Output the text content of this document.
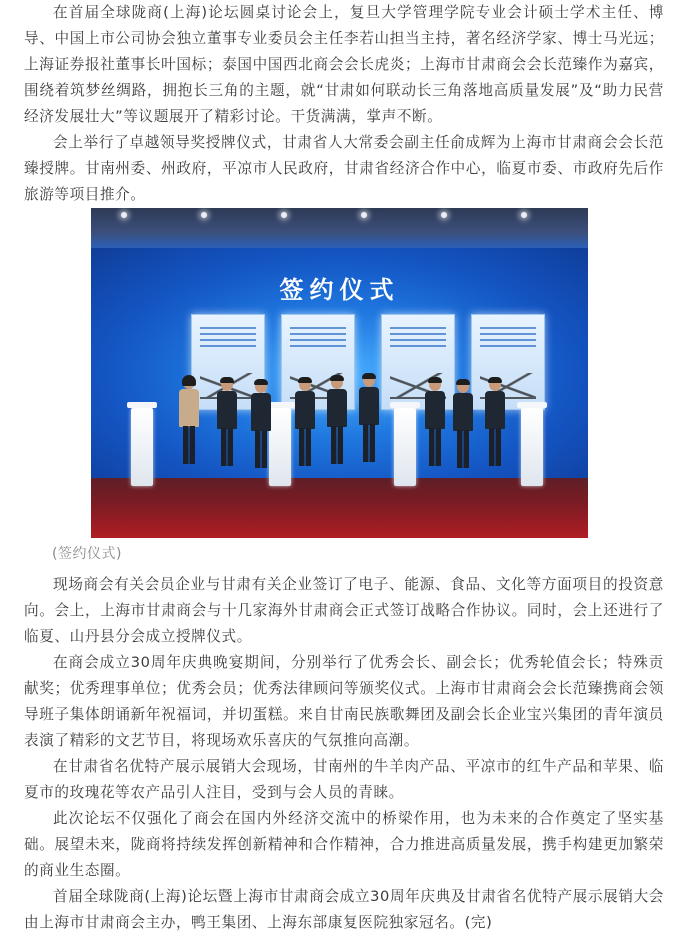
在首届全球陇商(上海)论坛圆桌讨论会上，复旦大学管理学院专业会计硕士学术主任、博导、中国上市公司协会独立董事专业委员会主任李若山担当主持，著名经济学家、博士马光远；上海证券报社董事长叶国标；泰国中国西北商会会长虎炎；上海市甘肃商会会长范臻作为嘉宾，围绕着筑梦丝绸路，拥抱长三角的主题，就“甘肃如何联动长三角落地高质量发展”及“助力民营经济发展壮大”等议题展开了精彩讨论。干货满满，掌声不断。

会上举行了卓越领导奖授牌仪式，甘肃省人大常委会副主任俞成辉为上海市甘肃商会会长范臻授牌。甘南州委、州政府，平凉市人民政府，甘肃省经济合作中心，临夏市委、市政府先后作旅游等项目推介。

签约仪式

(签约仪式)

现场商会有关会员企业与甘肃有关企业签订了电子、能源、食品、文化等方面项目的投资意向。会上，上海市甘肃商会与十几家海外甘肃商会正式签订战略合作协议。同时，会上还进行了临夏、山丹县分会成立授牌仪式。

在商会成立30周年庆典晚宴期间，分别举行了优秀会长、副会长；优秀轮值会长；特殊贡献奖；优秀理事单位；优秀会员；优秀法律顾问等颁奖仪式。上海市甘肃商会会长范臻携商会领导班子集体朗诵新年祝福词，并切蛋糕。来自甘南民族歌舞团及副会长企业宝兴集团的青年演员表演了精彩的文艺节目，将现场欢乐喜庆的气氛推向高潮。

在甘肃省名优特产展示展销大会现场，甘南州的牛羊肉产品、平凉市的红牛产品和苹果、临夏市的玫瑰花等农产品引人注目，受到与会人员的青睐。

此次论坛不仅强化了商会在国内外经济交流中的桥梁作用，也为未来的合作奠定了坚实基础。展望未来，陇商将持续发挥创新精神和合作精神，合力推进高质量发展，携手构建更加繁荣的商业生态圈。

首届全球陇商(上海)论坛暨上海市甘肃商会成立30周年庆典及甘肃省名优特产展示展销大会由上海市甘肃商会主办，鸭王集团、上海东部康复医院独家冠名。(完)
